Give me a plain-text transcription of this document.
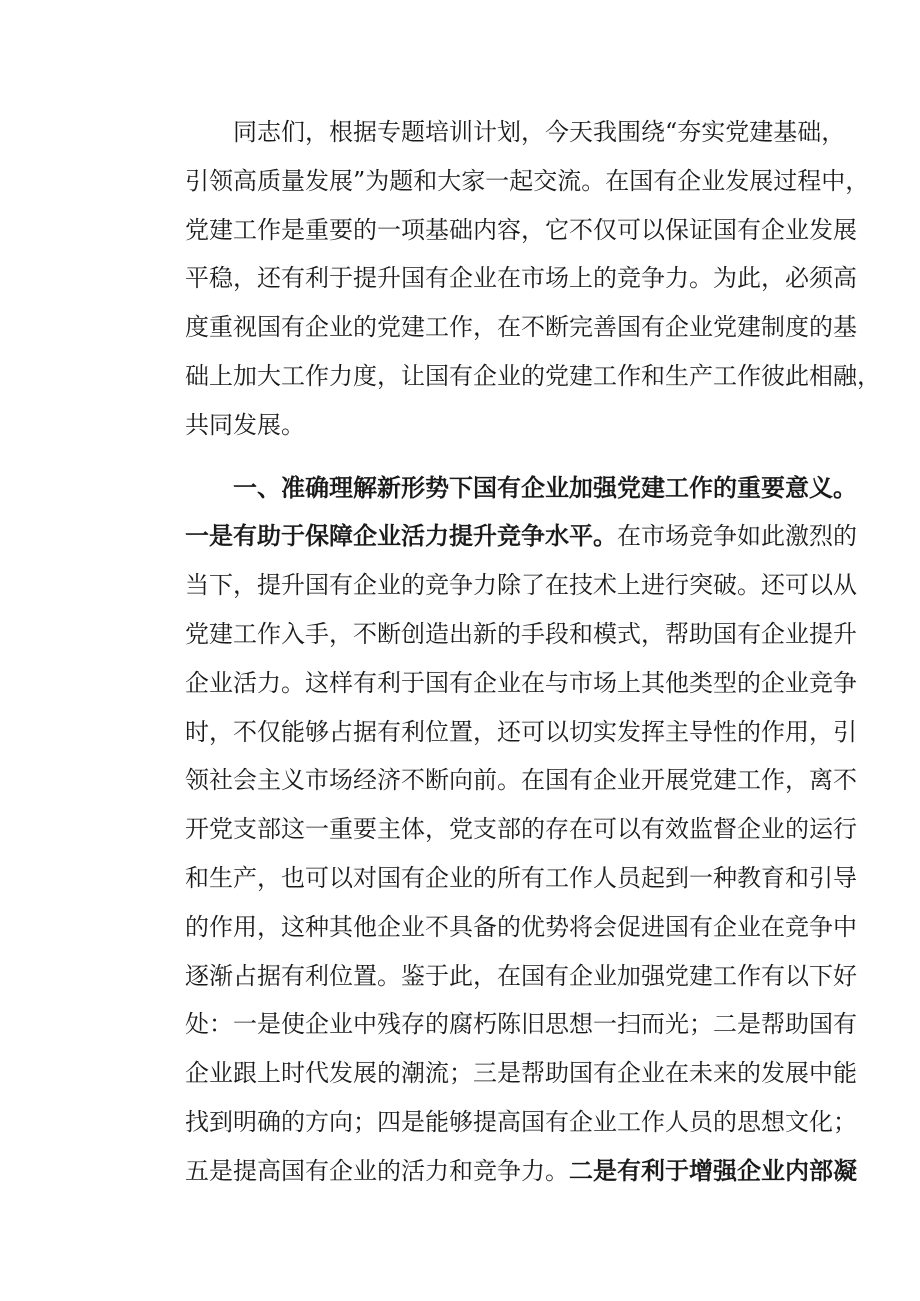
同志们，根据专题培训计划，今天我围绕“夯实党建基础，
引领高质量发展”为题和大家一起交流。在国有企业发展过程中，
党建工作是重要的一项基础内容，它不仅可以保证国有企业发展
平稳，还有利于提升国有企业在市场上的竞争力。为此，必须高
度重视国有企业的党建工作，在不断完善国有企业党建制度的基
础上加大工作力度，让国有企业的党建工作和生产工作彼此相融，
共同发展。
一、准确理解新形势下国有企业加强党建工作的重要意义。
一是有助于保障企业活力提升竞争水平。在市场竞争如此激烈的
当下，提升国有企业的竞争力除了在技术上进行突破。还可以从
党建工作入手，不断创造出新的手段和模式，帮助国有企业提升
企业活力。这样有利于国有企业在与市场上其他类型的企业竞争
时，不仅能够占据有利位置，还可以切实发挥主导性的作用，引
领社会主义市场经济不断向前。在国有企业开展党建工作，离不
开党支部这一重要主体，党支部的存在可以有效监督企业的运行
和生产，也可以对国有企业的所有工作人员起到一种教育和引导
的作用，这种其他企业不具备的优势将会促进国有企业在竞争中
逐渐占据有利位置。鉴于此，在国有企业加强党建工作有以下好
处：一是使企业中残存的腐朽陈旧思想一扫而光；二是帮助国有
企业跟上时代发展的潮流；三是帮助国有企业在未来的发展中能
找到明确的方向；四是能够提高国有企业工作人员的思想文化；
五是提高国有企业的活力和竞争力。二是有利于增强企业内部凝
